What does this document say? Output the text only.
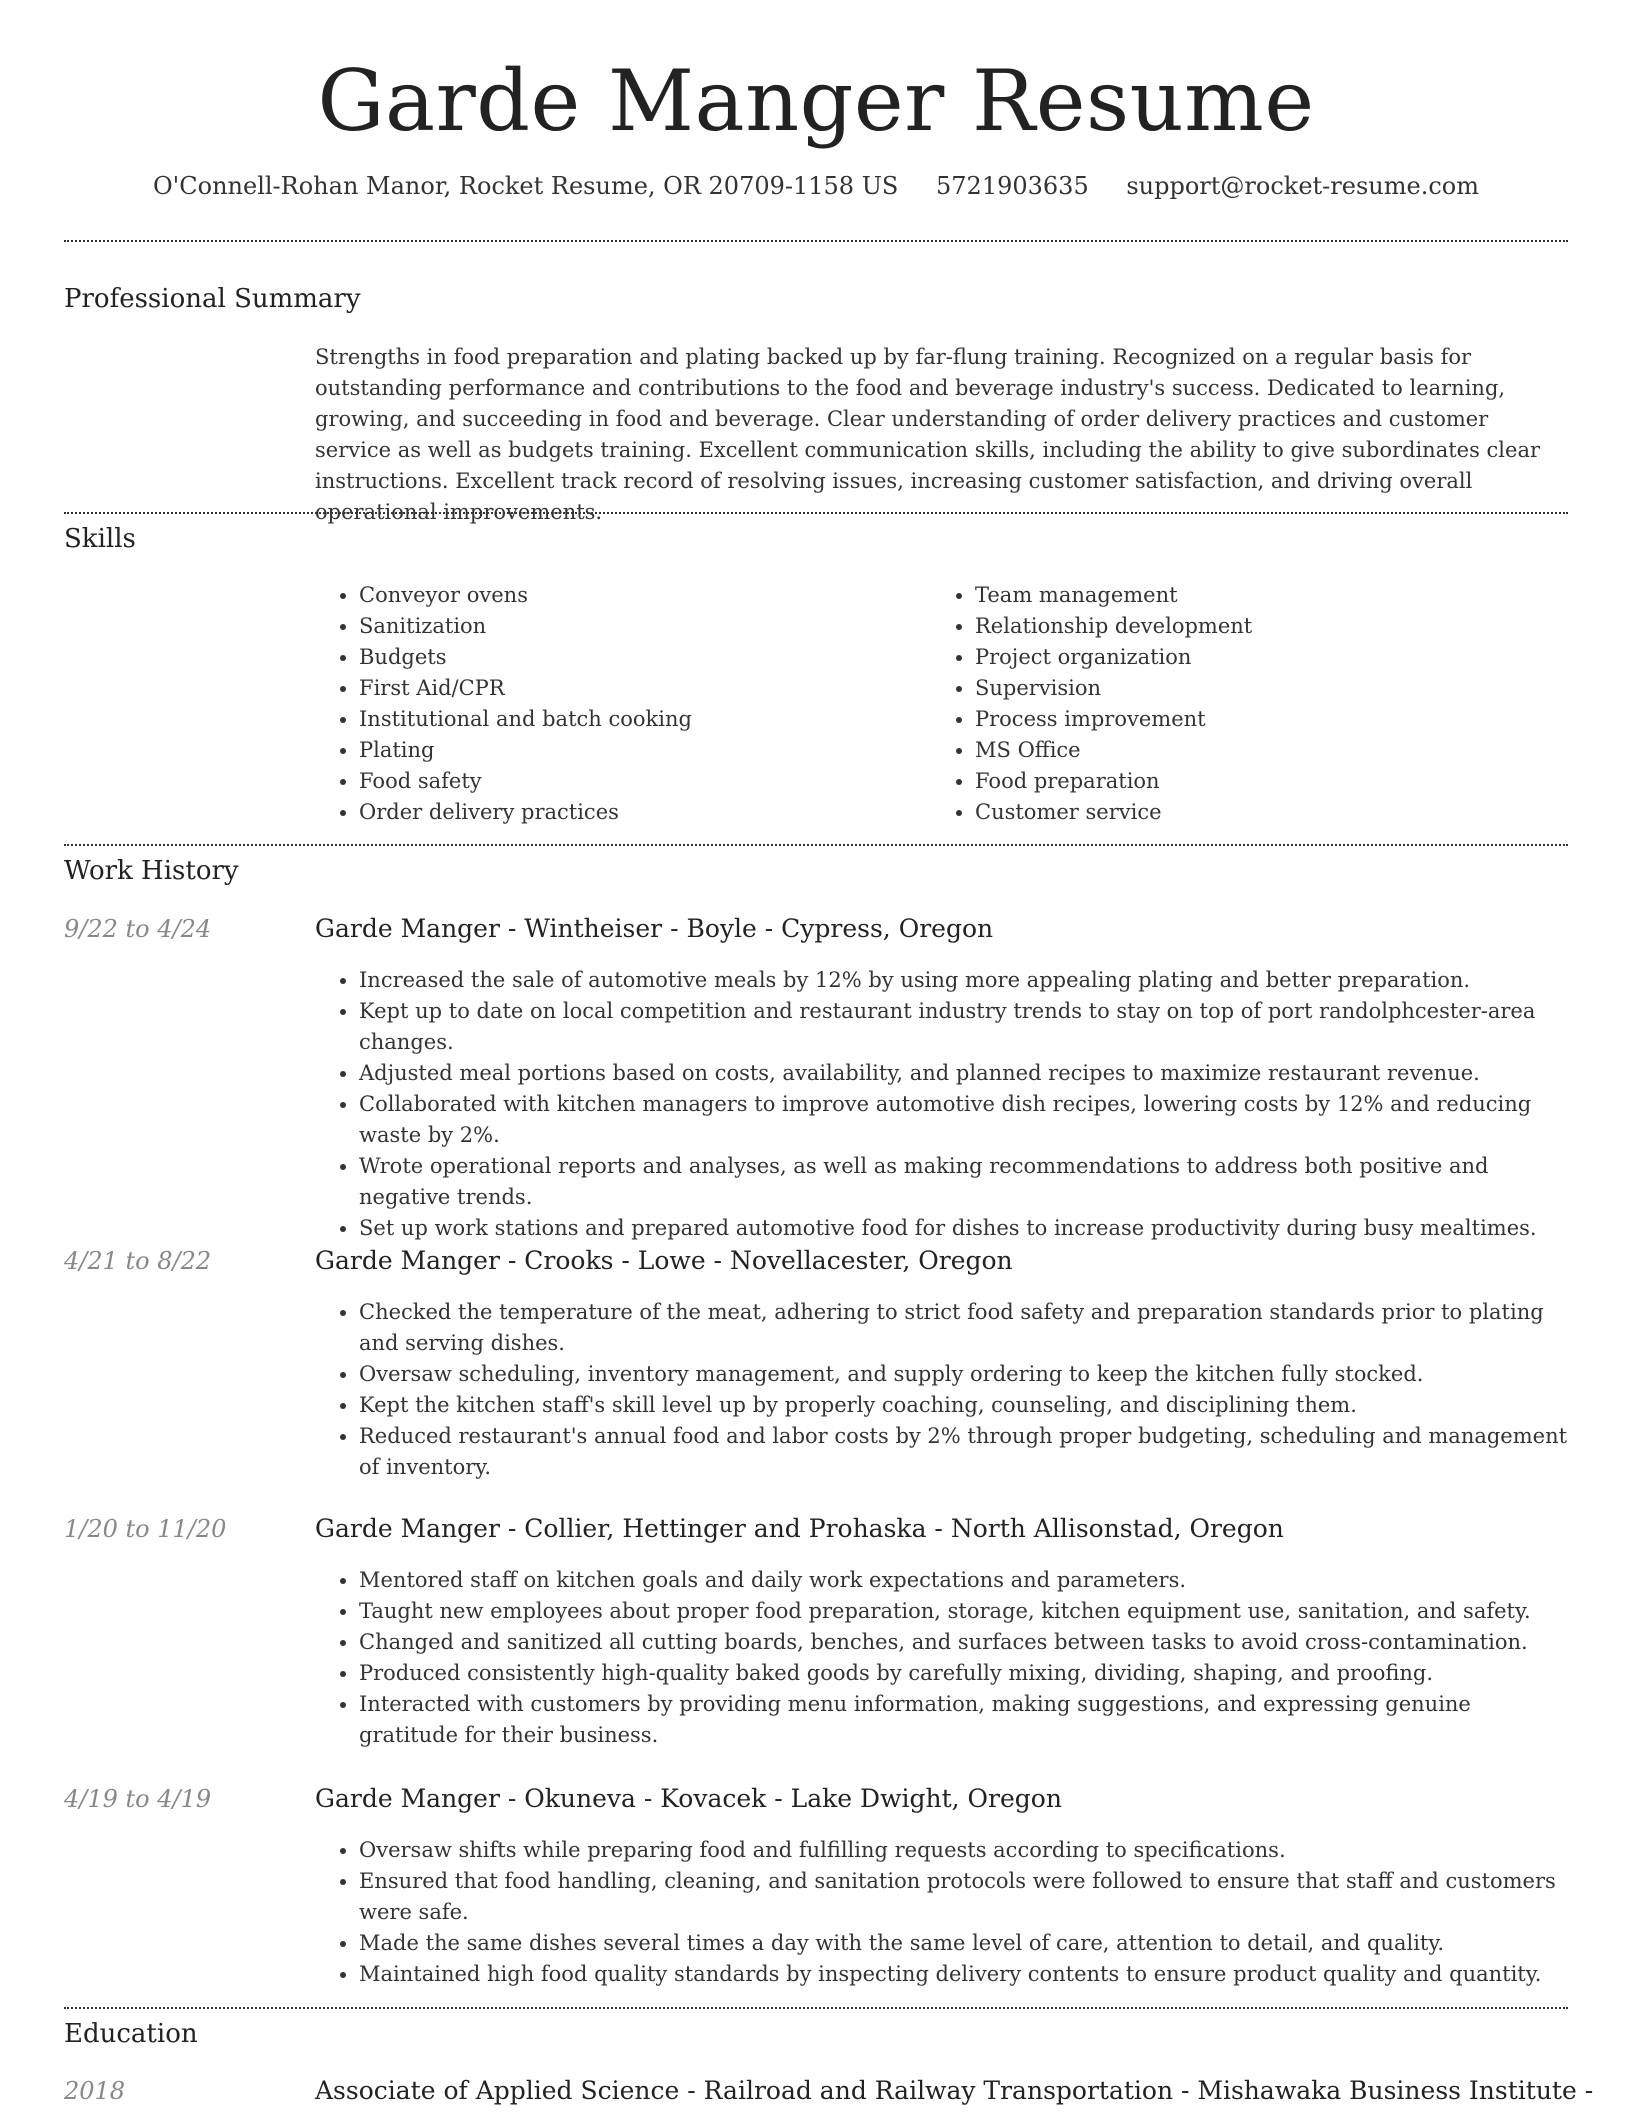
Garde Manger Resume
O'Connell-Rohan Manor, Rocket Resume, OR 20709-1158 US 5721903635 support@rocket-resume.com
Professional Summary

Strengths in food preparation and plating backed up by far-flung training. Recognized on a regular basis for outstanding performance and contributions to the food and beverage industry's success. Dedicated to learning, growing, and succeeding in food and beverage. Clear understanding of order delivery practices and customer service as well as budgets training. Excellent communication skills, including the ability to give subordinates clear instructions. Excellent track record of resolving issues, increasing customer satisfaction, and driving overall operational improvements.

Skills
• Conveyor ovens
• Sanitization
• Budgets
• First Aid/CPR
• Institutional and batch cooking
• Plating
• Food safety
• Order delivery practices
• Team management
• Relationship development
• Project organization
• Supervision
• Process improvement
• MS Office
• Food preparation
• Customer service
Work History
9/22 to 4/24	Garde Manger - Wintheiser - Boyle - Cypress, Oregon
• Increased the sale of automotive meals by 12% by using more appealing plating and better preparation.
• Kept up to date on local competition and restaurant industry trends to stay on top of port randolphcester-area changes.
• Adjusted meal portions based on costs, availability, and planned recipes to maximize restaurant revenue.
• Collaborated with kitchen managers to improve automotive dish recipes, lowering costs by 12% and reducing waste by 2%.
• Wrote operational reports and analyses, as well as making recommendations to address both positive and negative trends.
• Set up work stations and prepared automotive food for dishes to increase productivity during busy mealtimes.
4/21 to 8/22	Garde Manger - Crooks - Lowe - Novellacester, Oregon
• Checked the temperature of the meat, adhering to strict food safety and preparation standards prior to plating and serving dishes.
• Oversaw scheduling, inventory management, and supply ordering to keep the kitchen fully stocked.
• Kept the kitchen staff's skill level up by properly coaching, counseling, and disciplining them.
• Reduced restaurant's annual food and labor costs by 2% through proper budgeting, scheduling and management of inventory.
1/20 to 11/20	Garde Manger - Collier, Hettinger and Prohaska - North Allisonstad, Oregon
• Mentored staff on kitchen goals and daily work expectations and parameters.
• Taught new employees about proper food preparation, storage, kitchen equipment use, sanitation, and safety.
• Changed and sanitized all cutting boards, benches, and surfaces between tasks to avoid cross-contamination.
• Produced consistently high-quality baked goods by carefully mixing, dividing, shaping, and proofing.
• Interacted with customers by providing menu information, making suggestions, and expressing genuine gratitude for their business.
4/19 to 4/19	Garde Manger - Okuneva - Kovacek - Lake Dwight, Oregon
• Oversaw shifts while preparing food and fulfilling requests according to specifications.
• Ensured that food handling, cleaning, and sanitation protocols were followed to ensure that staff and customers were safe.
• Made the same dishes several times a day with the same level of care, attention to detail, and quality.
• Maintained high food quality standards by inspecting delivery contents to ensure product quality and quantity.
Education
2018	Associate of Applied Science - Railroad and Railway Transportation - Mishawaka Business Institute -
